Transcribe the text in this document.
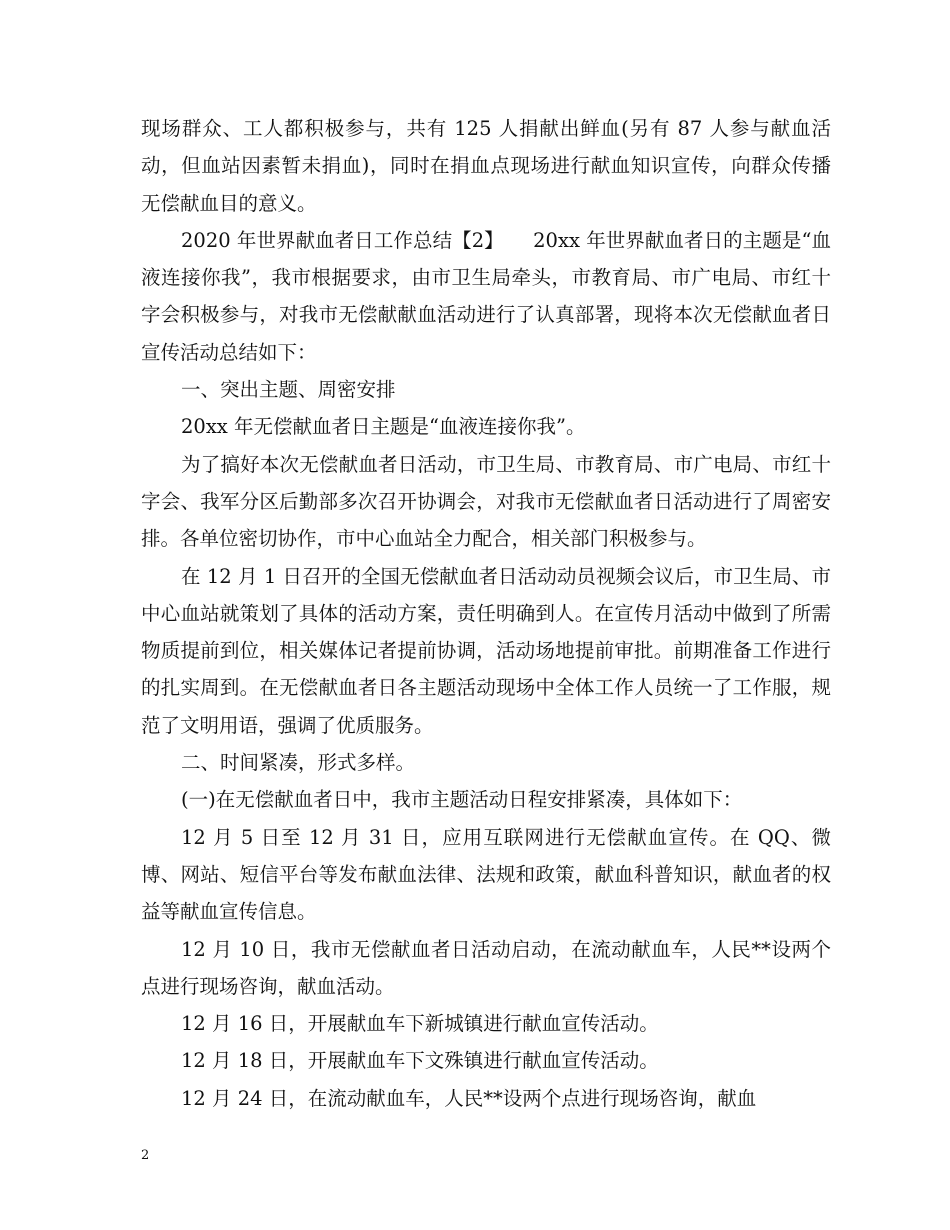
现场群众、工人都积极参与，共有 125 人捐献出鲜血(另有 87 人参与献血活动，但血站因素暂未捐血)，同时在捐血点现场进行献血知识宣传，向群众传播无偿献血目的意义。

2020 年世界献血者日工作总结【2】　　20xx 年世界献血者日的主题是“血液连接你我”，我市根据要求，由市卫生局牵头，市教育局、市广电局、市红十字会积极参与，对我市无偿献献血活动进行了认真部署，现将本次无偿献血者日宣传活动总结如下：

一、突出主题、周密安排

20xx 年无偿献血者日主题是“血液连接你我”。

为了搞好本次无偿献血者日活动，市卫生局、市教育局、市广电局、市红十字会、我军分区后勤部多次召开协调会，对我市无偿献血者日活动进行了周密安排。各单位密切协作，市中心血站全力配合，相关部门积极参与。

在 12 月 1 日召开的全国无偿献血者日活动动员视频会议后，市卫生局、市中心血站就策划了具体的活动方案，责任明确到人。在宣传月活动中做到了所需物质提前到位，相关媒体记者提前协调，活动场地提前审批。前期准备工作进行的扎实周到。在无偿献血者日各主题活动现场中全体工作人员统一了工作服，规范了文明用语，强调了优质服务。

二、时间紧凑，形式多样。

(一)在无偿献血者日中，我市主题活动日程安排紧凑，具体如下：

12 月 5 日至 12 月 31 日，应用互联网进行无偿献血宣传。在 QQ、微博、网站、短信平台等发布献血法律、法规和政策，献血科普知识，献血者的权益等献血宣传信息。

12 月 10 日，我市无偿献血者日活动启动，在流动献血车，人民**设两个点进行现场咨询，献血活动。

12 月 16 日，开展献血车下新城镇进行献血宣传活动。

12 月 18 日，开展献血车下文殊镇进行献血宣传活动。

12 月 24 日，在流动献血车，人民**设两个点进行现场咨询，献血

2
